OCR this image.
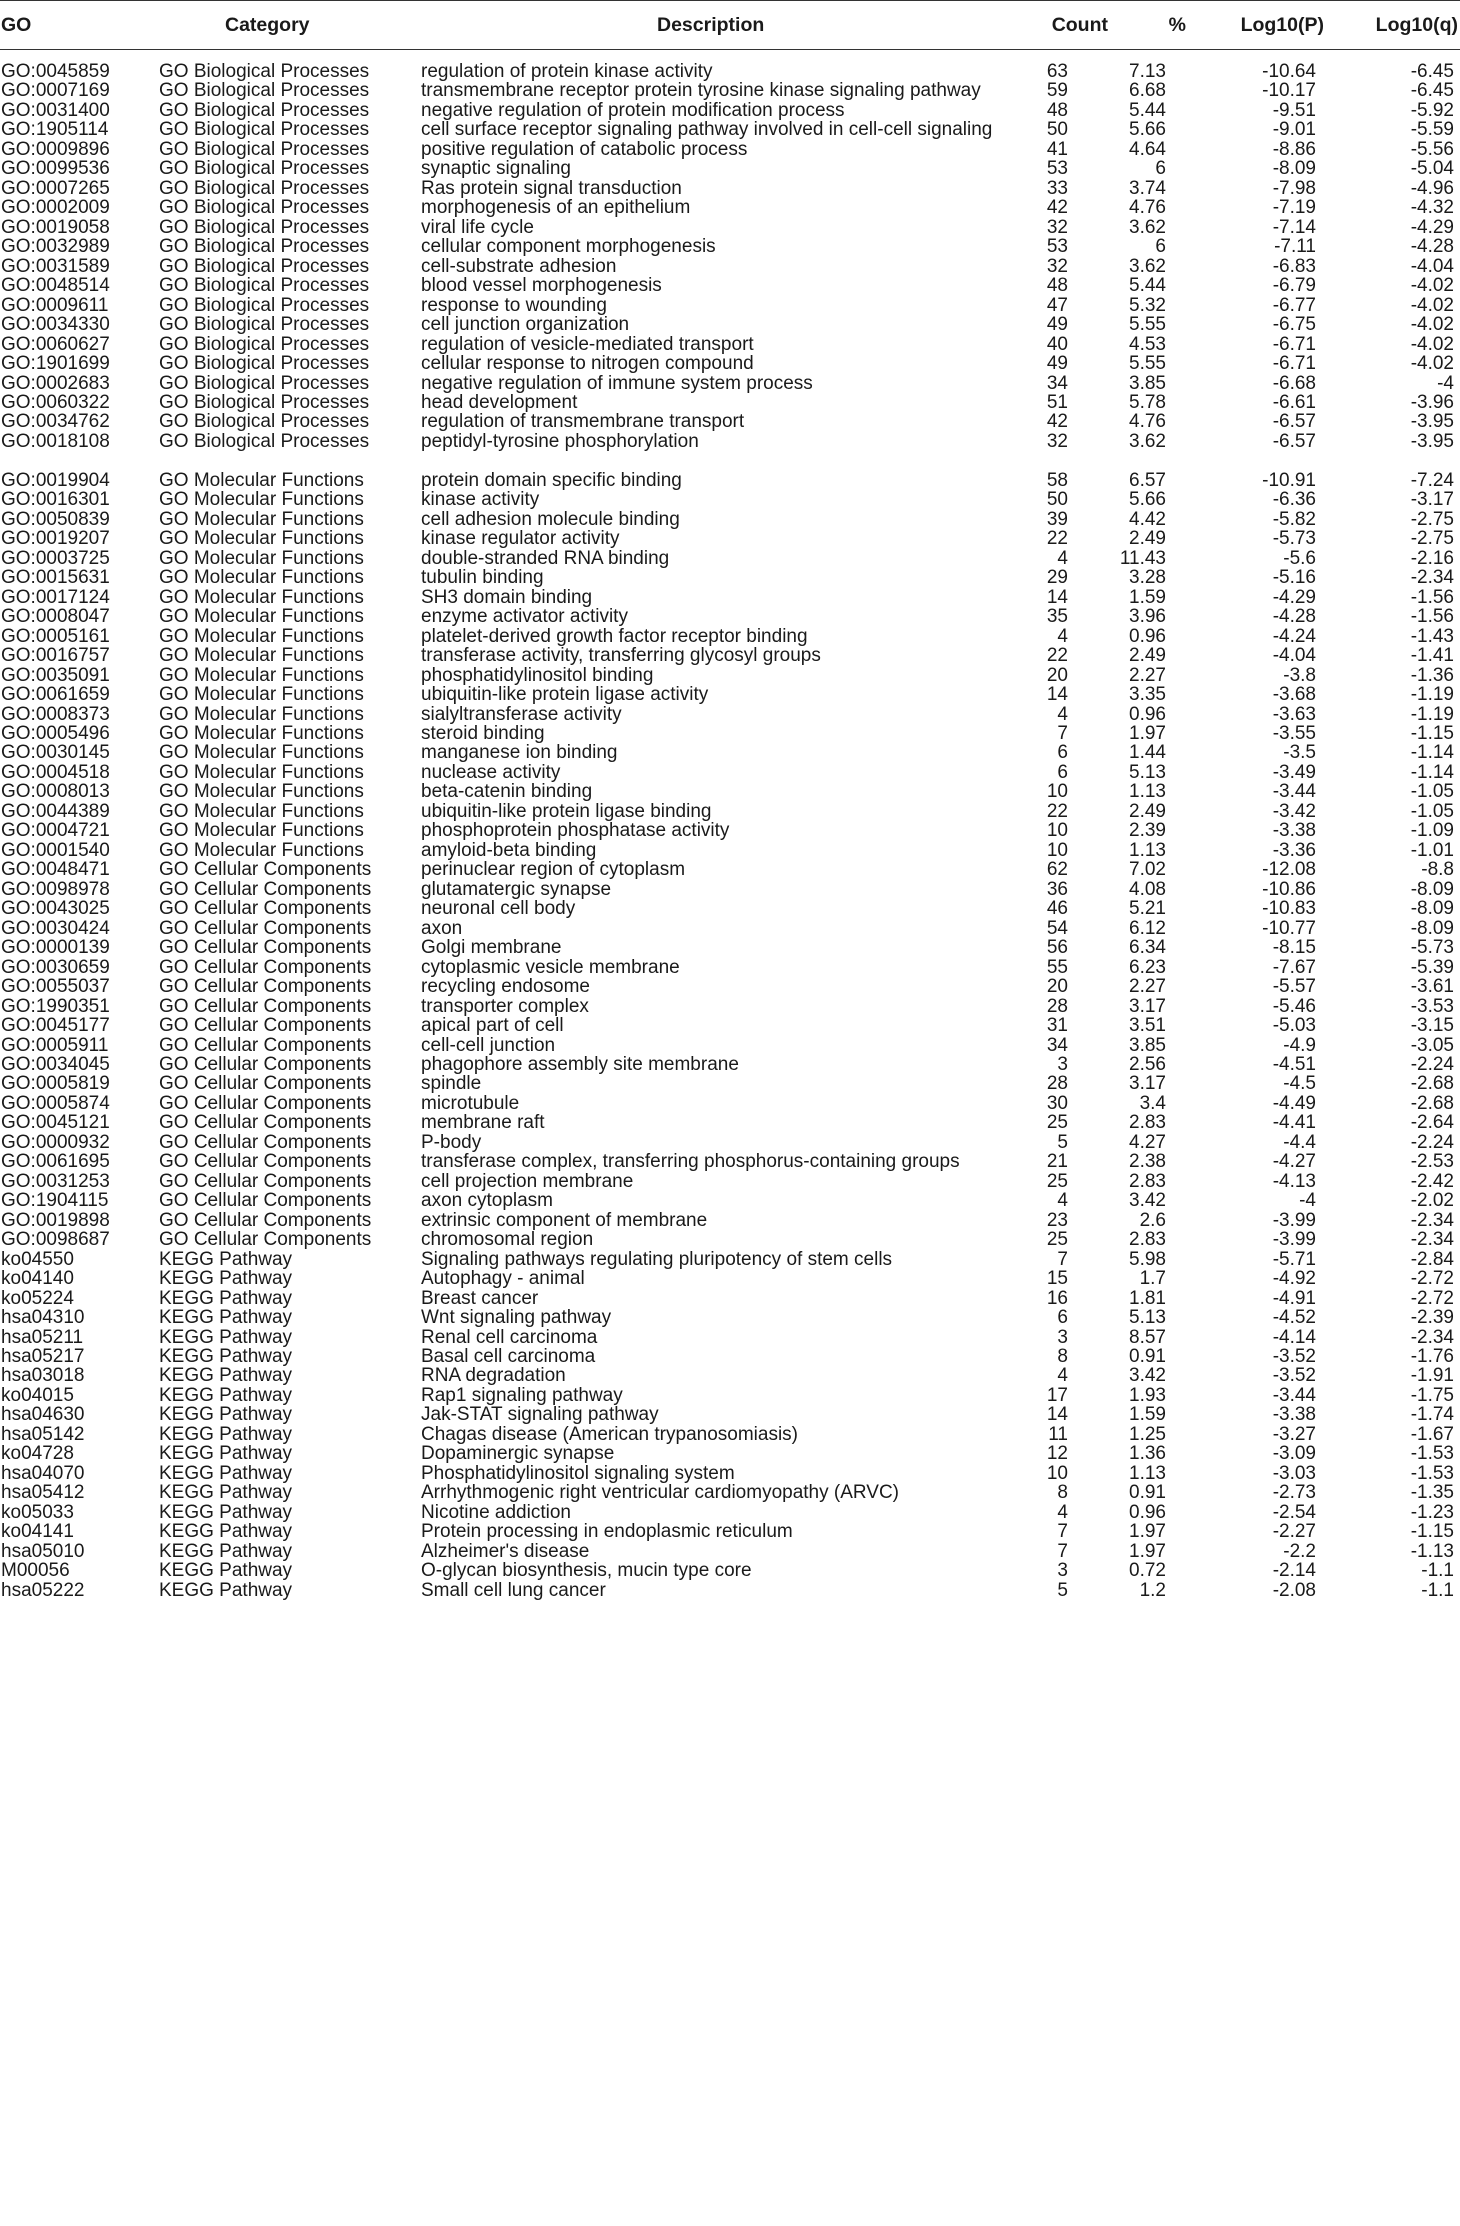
GO	Category	Description	Count	%	Log10(P)	Log10(q)
GO:0045859	GO Biological Processes	regulation of protein kinase activity	63	7.13	-10.64	-6.45
GO:0007169	GO Biological Processes	transmembrane receptor protein tyrosine kinase signaling pathway	59	6.68	-10.17	-6.45
GO:0031400	GO Biological Processes	negative regulation of protein modification process	48	5.44	-9.51	-5.92
GO:1905114	GO Biological Processes	cell surface receptor signaling pathway involved in cell-cell signaling	50	5.66	-9.01	-5.59
GO:0009896	GO Biological Processes	positive regulation of catabolic process	41	4.64	-8.86	-5.56
GO:0099536	GO Biological Processes	synaptic signaling	53	6	-8.09	-5.04
GO:0007265	GO Biological Processes	Ras protein signal transduction	33	3.74	-7.98	-4.96
GO:0002009	GO Biological Processes	morphogenesis of an epithelium	42	4.76	-7.19	-4.32
GO:0019058	GO Biological Processes	viral life cycle	32	3.62	-7.14	-4.29
GO:0032989	GO Biological Processes	cellular component morphogenesis	53	6	-7.11	-4.28
GO:0031589	GO Biological Processes	cell-substrate adhesion	32	3.62	-6.83	-4.04
GO:0048514	GO Biological Processes	blood vessel morphogenesis	48	5.44	-6.79	-4.02
GO:0009611	GO Biological Processes	response to wounding	47	5.32	-6.77	-4.02
GO:0034330	GO Biological Processes	cell junction organization	49	5.55	-6.75	-4.02
GO:0060627	GO Biological Processes	regulation of vesicle-mediated transport	40	4.53	-6.71	-4.02
GO:1901699	GO Biological Processes	cellular response to nitrogen compound	49	5.55	-6.71	-4.02
GO:0002683	GO Biological Processes	negative regulation of immune system process	34	3.85	-6.68	-4
GO:0060322	GO Biological Processes	head development	51	5.78	-6.61	-3.96
GO:0034762	GO Biological Processes	regulation of transmembrane transport	42	4.76	-6.57	-3.95
GO:0018108	GO Biological Processes	peptidyl-tyrosine phosphorylation	32	3.62	-6.57	-3.95
GO:0019904	GO Molecular Functions	protein domain specific binding	58	6.57	-10.91	-7.24
GO:0016301	GO Molecular Functions	kinase activity	50	5.66	-6.36	-3.17
GO:0050839	GO Molecular Functions	cell adhesion molecule binding	39	4.42	-5.82	-2.75
GO:0019207	GO Molecular Functions	kinase regulator activity	22	2.49	-5.73	-2.75
GO:0003725	GO Molecular Functions	double-stranded RNA binding	4	11.43	-5.6	-2.16
GO:0015631	GO Molecular Functions	tubulin binding	29	3.28	-5.16	-2.34
GO:0017124	GO Molecular Functions	SH3 domain binding	14	1.59	-4.29	-1.56
GO:0008047	GO Molecular Functions	enzyme activator activity	35	3.96	-4.28	-1.56
GO:0005161	GO Molecular Functions	platelet-derived growth factor receptor binding	4	0.96	-4.24	-1.43
GO:0016757	GO Molecular Functions	transferase activity, transferring glycosyl groups	22	2.49	-4.04	-1.41
GO:0035091	GO Molecular Functions	phosphatidylinositol binding	20	2.27	-3.8	-1.36
GO:0061659	GO Molecular Functions	ubiquitin-like protein ligase activity	14	3.35	-3.68	-1.19
GO:0008373	GO Molecular Functions	sialyltransferase activity	4	0.96	-3.63	-1.19
GO:0005496	GO Molecular Functions	steroid binding	7	1.97	-3.55	-1.15
GO:0030145	GO Molecular Functions	manganese ion binding	6	1.44	-3.5	-1.14
GO:0004518	GO Molecular Functions	nuclease activity	6	5.13	-3.49	-1.14
GO:0008013	GO Molecular Functions	beta-catenin binding	10	1.13	-3.44	-1.05
GO:0044389	GO Molecular Functions	ubiquitin-like protein ligase binding	22	2.49	-3.42	-1.05
GO:0004721	GO Molecular Functions	phosphoprotein phosphatase activity	10	2.39	-3.38	-1.09
GO:0001540	GO Molecular Functions	amyloid-beta binding	10	1.13	-3.36	-1.01
GO:0048471	GO Cellular Components	perinuclear region of cytoplasm	62	7.02	-12.08	-8.8
GO:0098978	GO Cellular Components	glutamatergic synapse	36	4.08	-10.86	-8.09
GO:0043025	GO Cellular Components	neuronal cell body	46	5.21	-10.83	-8.09
GO:0030424	GO Cellular Components	axon	54	6.12	-10.77	-8.09
GO:0000139	GO Cellular Components	Golgi membrane	56	6.34	-8.15	-5.73
GO:0030659	GO Cellular Components	cytoplasmic vesicle membrane	55	6.23	-7.67	-5.39
GO:0055037	GO Cellular Components	recycling endosome	20	2.27	-5.57	-3.61
GO:1990351	GO Cellular Components	transporter complex	28	3.17	-5.46	-3.53
GO:0045177	GO Cellular Components	apical part of cell	31	3.51	-5.03	-3.15
GO:0005911	GO Cellular Components	cell-cell junction	34	3.85	-4.9	-3.05
GO:0034045	GO Cellular Components	phagophore assembly site membrane	3	2.56	-4.51	-2.24
GO:0005819	GO Cellular Components	spindle	28	3.17	-4.5	-2.68
GO:0005874	GO Cellular Components	microtubule	30	3.4	-4.49	-2.68
GO:0045121	GO Cellular Components	membrane raft	25	2.83	-4.41	-2.64
GO:0000932	GO Cellular Components	P-body	5	4.27	-4.4	-2.24
GO:0061695	GO Cellular Components	transferase complex, transferring phosphorus-containing groups	21	2.38	-4.27	-2.53
GO:0031253	GO Cellular Components	cell projection membrane	25	2.83	-4.13	-2.42
GO:1904115	GO Cellular Components	axon cytoplasm	4	3.42	-4	-2.02
GO:0019898	GO Cellular Components	extrinsic component of membrane	23	2.6	-3.99	-2.34
GO:0098687	GO Cellular Components	chromosomal region	25	2.83	-3.99	-2.34
ko04550	KEGG Pathway	Signaling pathways regulating pluripotency of stem cells	7	5.98	-5.71	-2.84
ko04140	KEGG Pathway	Autophagy - animal	15	1.7	-4.92	-2.72
ko05224	KEGG Pathway	Breast cancer	16	1.81	-4.91	-2.72
hsa04310	KEGG Pathway	Wnt signaling pathway	6	5.13	-4.52	-2.39
hsa05211	KEGG Pathway	Renal cell carcinoma	3	8.57	-4.14	-2.34
hsa05217	KEGG Pathway	Basal cell carcinoma	8	0.91	-3.52	-1.76
hsa03018	KEGG Pathway	RNA degradation	4	3.42	-3.52	-1.91
ko04015	KEGG Pathway	Rap1 signaling pathway	17	1.93	-3.44	-1.75
hsa04630	KEGG Pathway	Jak-STAT signaling pathway	14	1.59	-3.38	-1.74
hsa05142	KEGG Pathway	Chagas disease (American trypanosomiasis)	11	1.25	-3.27	-1.67
ko04728	KEGG Pathway	Dopaminergic synapse	12	1.36	-3.09	-1.53
hsa04070	KEGG Pathway	Phosphatidylinositol signaling system	10	1.13	-3.03	-1.53
hsa05412	KEGG Pathway	Arrhythmogenic right ventricular cardiomyopathy (ARVC)	8	0.91	-2.73	-1.35
ko05033	KEGG Pathway	Nicotine addiction	4	0.96	-2.54	-1.23
ko04141	KEGG Pathway	Protein processing in endoplasmic reticulum	7	1.97	-2.27	-1.15
hsa05010	KEGG Pathway	Alzheimer's disease	7	1.97	-2.2	-1.13
M00056	KEGG Pathway	O-glycan biosynthesis, mucin type core	3	0.72	-2.14	-1.1
hsa05222	KEGG Pathway	Small cell lung cancer	5	1.2	-2.08	-1.1
